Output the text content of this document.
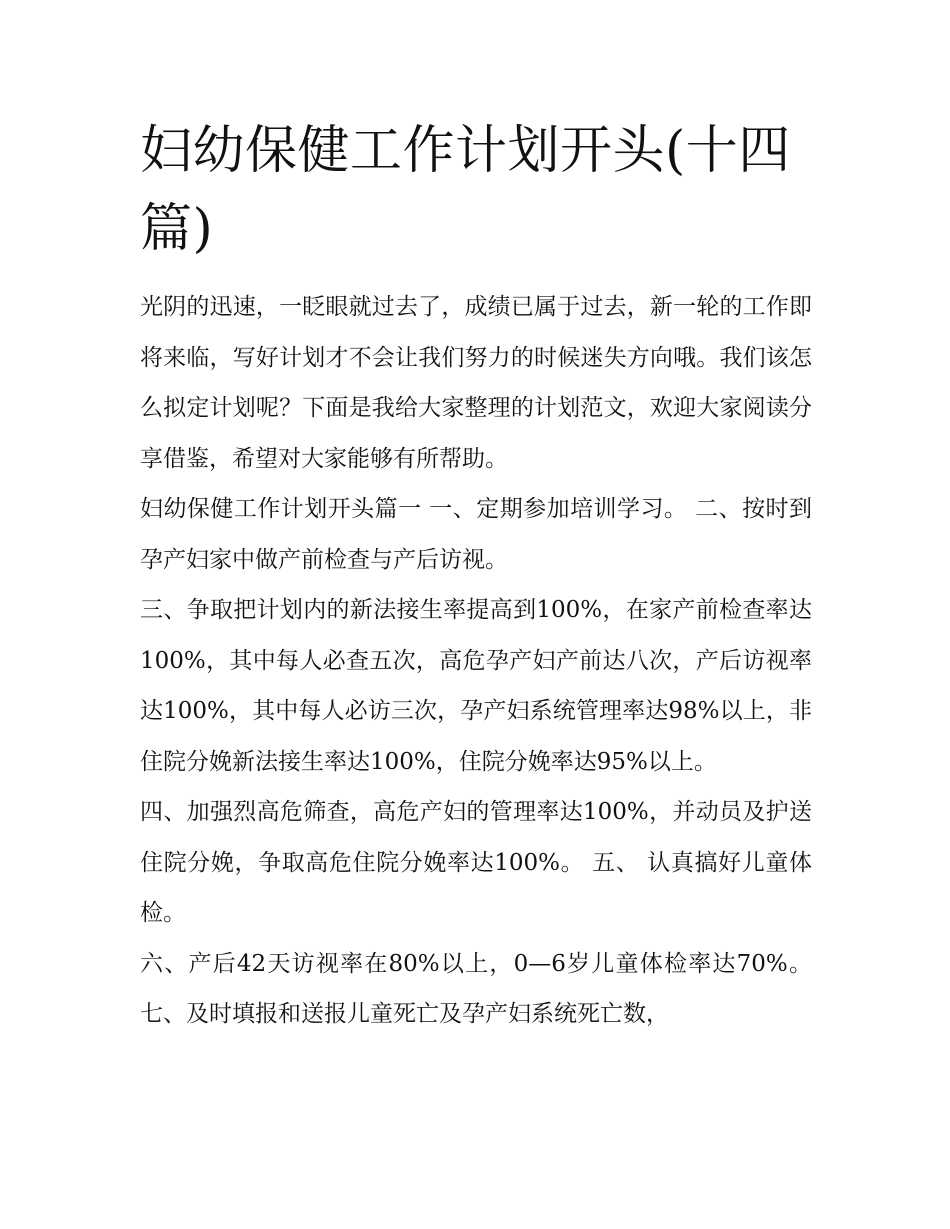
妇幼保健工作计划开头(十四篇)

光阴的迅速，一眨眼就过去了，成绩已属于过去，新一轮的工作即将来临，写好计划才不会让我们努力的时候迷失方向哦。我们该怎么拟定计划呢？下面是我给大家整理的计划范文，欢迎大家阅读分享借鉴，希望对大家能够有所帮助。

妇幼保健工作计划开头篇一 一、定期参加培训学习。 二、按时到孕产妇家中做产前检查与产后访视。

三、争取把计划内的新法接生率提高到100%，在家产前检查率达100%，其中每人必查五次，高危孕产妇产前达八次，产后访视率达100%，其中每人必访三次，孕产妇系统管理率达98%以上，非住院分娩新法接生率达100%，住院分娩率达95%以上。

四、加强烈高危筛查，高危产妇的管理率达100%，并动员及护送住院分娩，争取高危住院分娩率达100%。 五、 认真搞好儿童体检。

六、产后42天访视率在80%以上，0—6岁儿童体检率达70%。 七、及时填报和送报儿童死亡及孕产妇系统死亡数，
